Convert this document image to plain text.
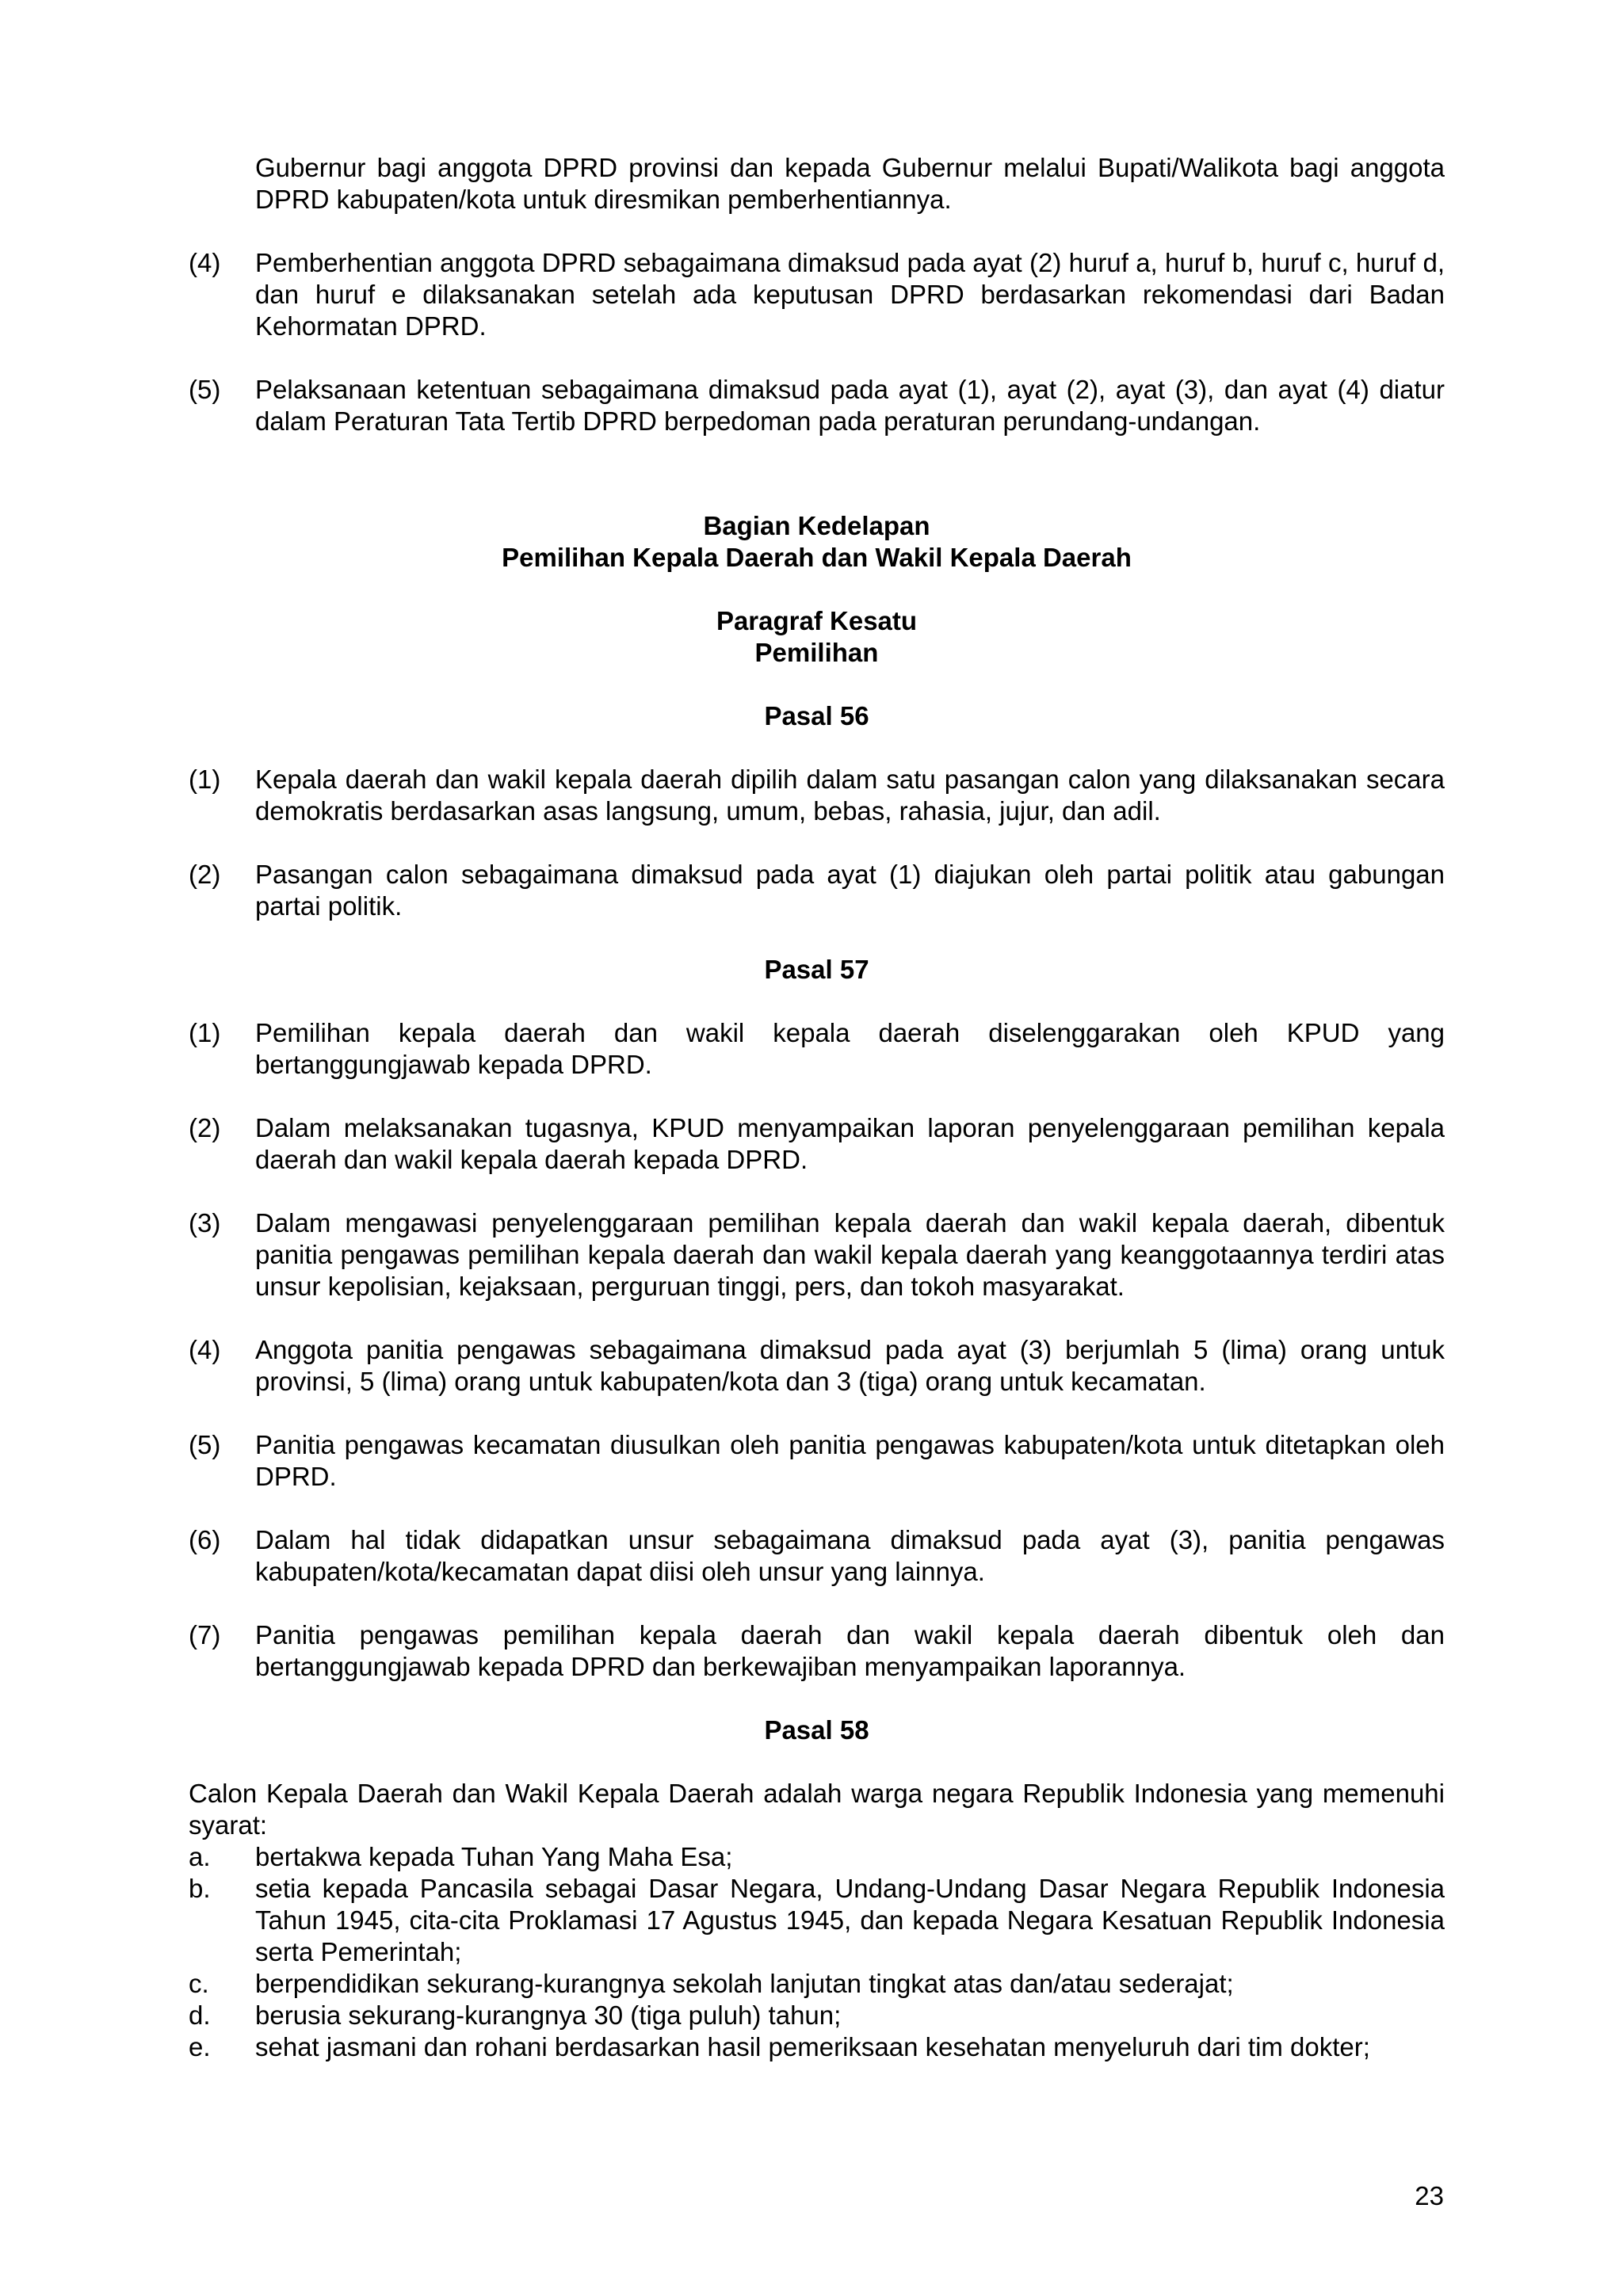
Gubernur bagi anggota DPRD provinsi dan kepada Gubernur melalui Bupati/Walikota bagi anggota DPRD kabupaten/kota untuk diresmikan pemberhentiannya.
(4)	Pemberhentian anggota DPRD sebagaimana dimaksud pada ayat (2) huruf a, huruf b, huruf c, huruf d, dan huruf e dilaksanakan setelah ada keputusan DPRD berdasarkan rekomendasi dari Badan Kehormatan DPRD.
(5)	Pelaksanaan ketentuan sebagaimana dimaksud pada ayat (1), ayat (2), ayat (3), dan ayat (4) diatur dalam Peraturan Tata Tertib DPRD berpedoman pada peraturan perundang-undangan.
Bagian Kedelapan
Pemilihan Kepala Daerah dan Wakil Kepala Daerah
Paragraf Kesatu
Pemilihan
Pasal 56
(1)	Kepala daerah dan wakil kepala daerah dipilih dalam satu pasangan calon yang dilaksanakan secara demokratis berdasarkan asas langsung, umum, bebas, rahasia, jujur, dan adil.
(2)	Pasangan calon sebagaimana dimaksud pada ayat (1) diajukan oleh partai politik atau gabungan partai politik.
Pasal 57
(1)	Pemilihan kepala daerah dan wakil kepala daerah diselenggarakan oleh KPUD yang bertanggungjawab kepada DPRD.
(2)	Dalam melaksanakan tugasnya, KPUD menyampaikan laporan penyelenggaraan pemilihan kepala daerah dan wakil kepala daerah kepada DPRD.
(3)	Dalam mengawasi penyelenggaraan pemilihan kepala daerah dan wakil kepala daerah, dibentuk panitia pengawas pemilihan kepala daerah dan wakil kepala daerah yang keanggotaannya terdiri atas unsur kepolisian, kejaksaan, perguruan tinggi, pers, dan tokoh masyarakat.
(4)	Anggota panitia pengawas sebagaimana dimaksud pada ayat (3) berjumlah 5 (lima) orang untuk provinsi, 5 (lima) orang untuk kabupaten/kota dan 3 (tiga) orang untuk kecamatan.
(5)	Panitia pengawas kecamatan diusulkan oleh panitia pengawas kabupaten/kota untuk ditetapkan oleh DPRD.
(6)	Dalam hal tidak didapatkan unsur sebagaimana dimaksud pada ayat (3), panitia pengawas kabupaten/kota/kecamatan dapat diisi oleh unsur yang lainnya.
(7)	Panitia pengawas pemilihan kepala daerah dan wakil kepala daerah dibentuk oleh dan bertanggungjawab kepada DPRD dan berkewajiban menyampaikan laporannya.
Pasal 58
Calon Kepala Daerah dan Wakil Kepala Daerah adalah warga negara Republik Indonesia yang memenuhi syarat:
a.	bertakwa kepada Tuhan Yang Maha Esa;
b.	setia kepada Pancasila sebagai Dasar Negara, Undang-Undang Dasar Negara Republik Indonesia Tahun 1945, cita-cita Proklamasi 17 Agustus 1945, dan kepada Negara Kesatuan Republik Indonesia serta Pemerintah;
c.	berpendidikan sekurang-kurangnya sekolah lanjutan tingkat atas dan/atau sederajat;
d.	berusia sekurang-kurangnya 30 (tiga puluh) tahun;
e.	sehat jasmani dan rohani berdasarkan hasil pemeriksaan kesehatan menyeluruh dari tim dokter;
23
